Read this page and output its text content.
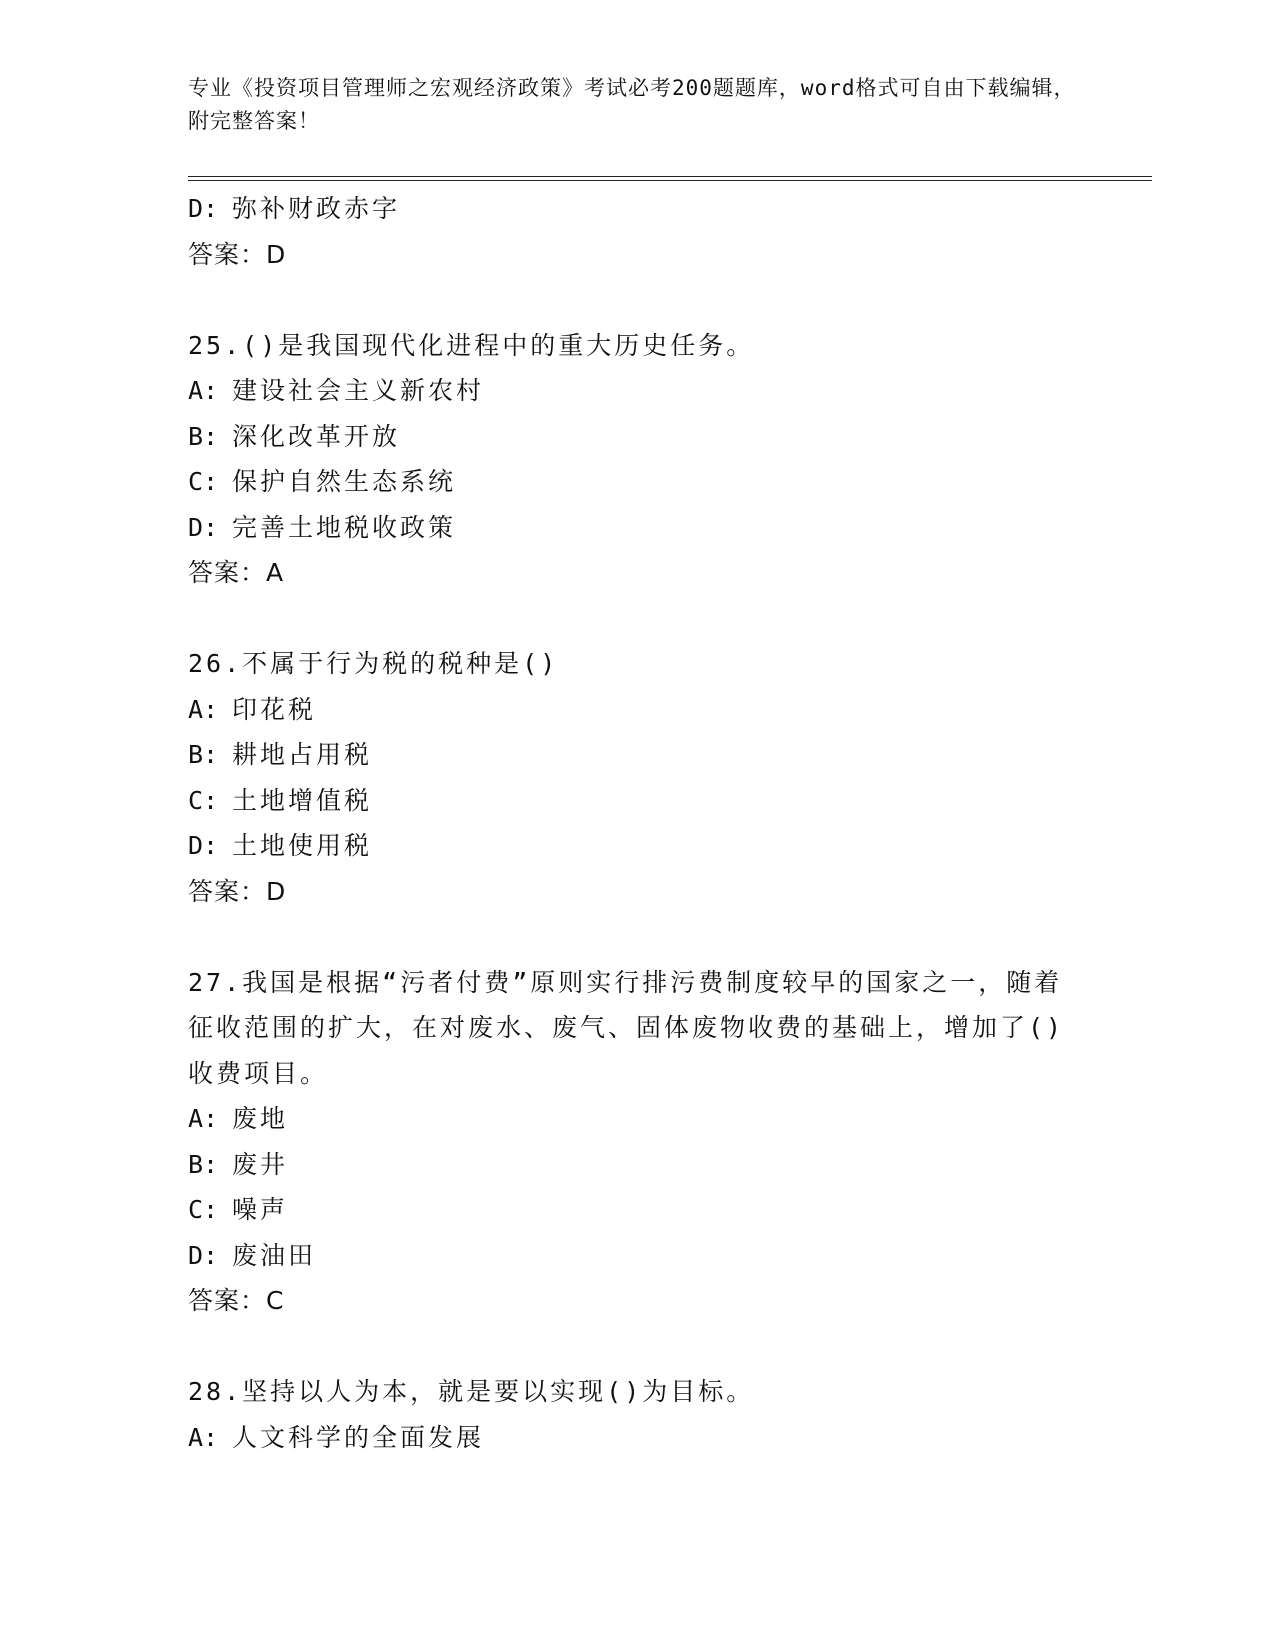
专业《投资项目管理师之宏观经济政策》考试必考200题题库，word格式可自由下载编辑，附完整答案！
D: 弥补财政赤字
答案：D
25.()是我国现代化进程中的重大历史任务。
A: 建设社会主义新农村
B: 深化改革开放
C: 保护自然生态系统
D: 完善土地税收政策
答案：A
26.不属于行为税的税种是()
A: 印花税
B: 耕地占用税
C: 土地增值税
D: 土地使用税
答案：D
27.我国是根据“污者付费”原则实行排污费制度较早的国家之一，随着征收范围的扩大，在对废水、废气、固体废物收费的基础上，增加了()收费项目。
A: 废地
B: 废井
C: 噪声
D: 废油田
答案：C
28.坚持以人为本，就是要以实现()为目标。
A: 人文科学的全面发展
